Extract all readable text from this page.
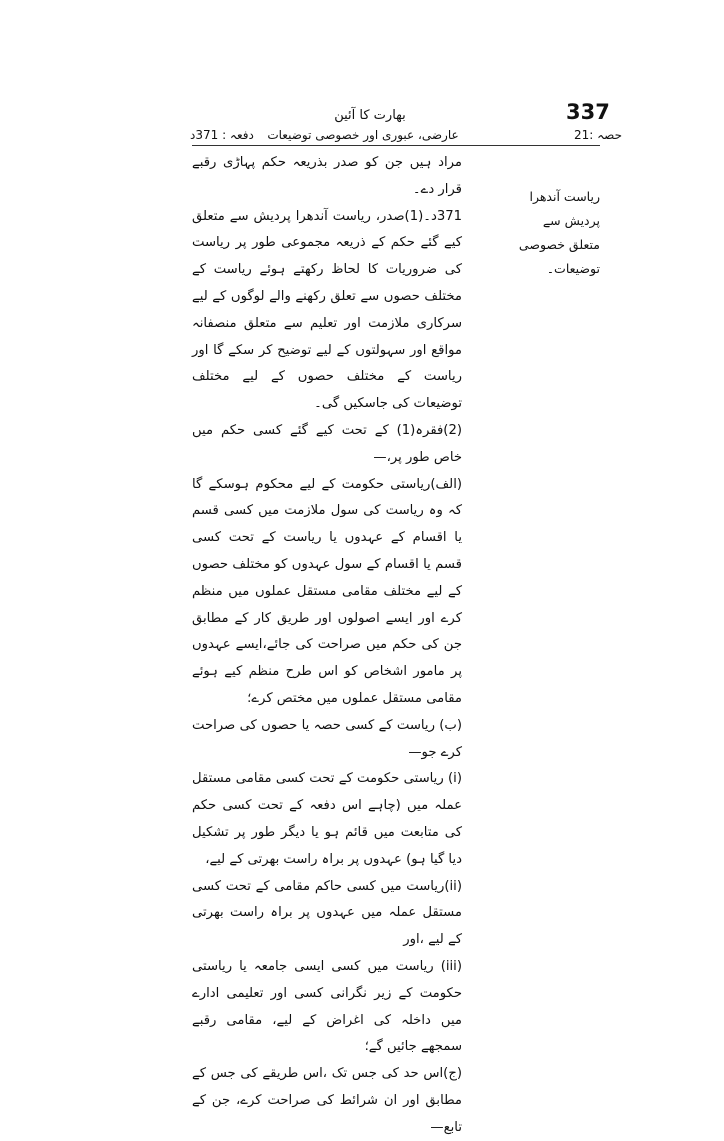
337
بھارت کا آئین
حصہ :21
عارضی، عبوری اور خصوصی توضیعات
دفعہ : 371د
ریاست آندھرا پردیش سے متعلق خصوصی توضیعات۔

مراد ہیں جن کو صدر بذریعہ حکم پہاڑی رقبے قرار دے۔

371د۔(1)صدر، ریاست آندھرا پردیش سے متعلق کیے گئے حکم کے ذریعہ مجموعی طور پر ریاست کی ضروریات کا لحاظ رکھتے ہوئے ریاست کے مختلف حصوں سے تعلق رکھنے والے لوگوں کے لیے سرکاری ملازمت اور تعلیم سے متعلق منصفانہ مواقع اور سہولتوں کے لیے توضیح کر سکے گا اور ریاست کے مختلف حصوں کے لیے مختلف توضیعات کی جاسکیں گی۔

(2)فقرہ(1) کے تحت کیے گئے کسی حکم میں خاص طور پر،—

(الف)ریاستی حکومت کے لیے محکوم ہوسکے گا کہ وہ ریاست کی سول ملازمت میں کسی قسم یا اقسام کے عہدوں یا ریاست کے تحت کسی قسم یا اقسام کے سول عہدوں کو مختلف حصوں کے لیے مختلف مقامی مستقل عملوں میں منظم کرے اور ایسے اصولوں اور طریق کار کے مطابق جن کی حکم میں صراحت کی جائے،ایسے عہدوں پر مامور اشخاص کو اس طرح منظم کیے ہوئے مقامی مستقل عملوں میں مختص کرے؛

(ب) ریاست کے کسی حصہ یا حصوں کی صراحت کرے جو—

(i) ریاستی حکومت کے تحت کسی مقامی مستقل عملہ میں (چاہے اس دفعہ کے تحت کسی حکم کی متابعت میں قائم ہو یا دیگر طور پر تشکیل دیا گیا ہو) عہدوں پر براہ راست بھرتی کے لیے،

(ii)ریاست میں کسی حاکم مقامی کے تحت کسی مستقل عملہ میں عہدوں پر براہ راست بھرتی کے لیے ،اور

(iii) ریاست میں کسی ایسی جامعہ یا ریاستی حکومت کے زیر نگرانی کسی اور تعلیمی ادارے میں داخلہ کی اغراض کے لیے، مقامی رقبے سمجھے جائیں گے؛

(ج)اس حد کی جس تک ،اس طریقے کی جس کے مطابق اور ان شرائط کی صراحت کرے، جن کے تابع—
